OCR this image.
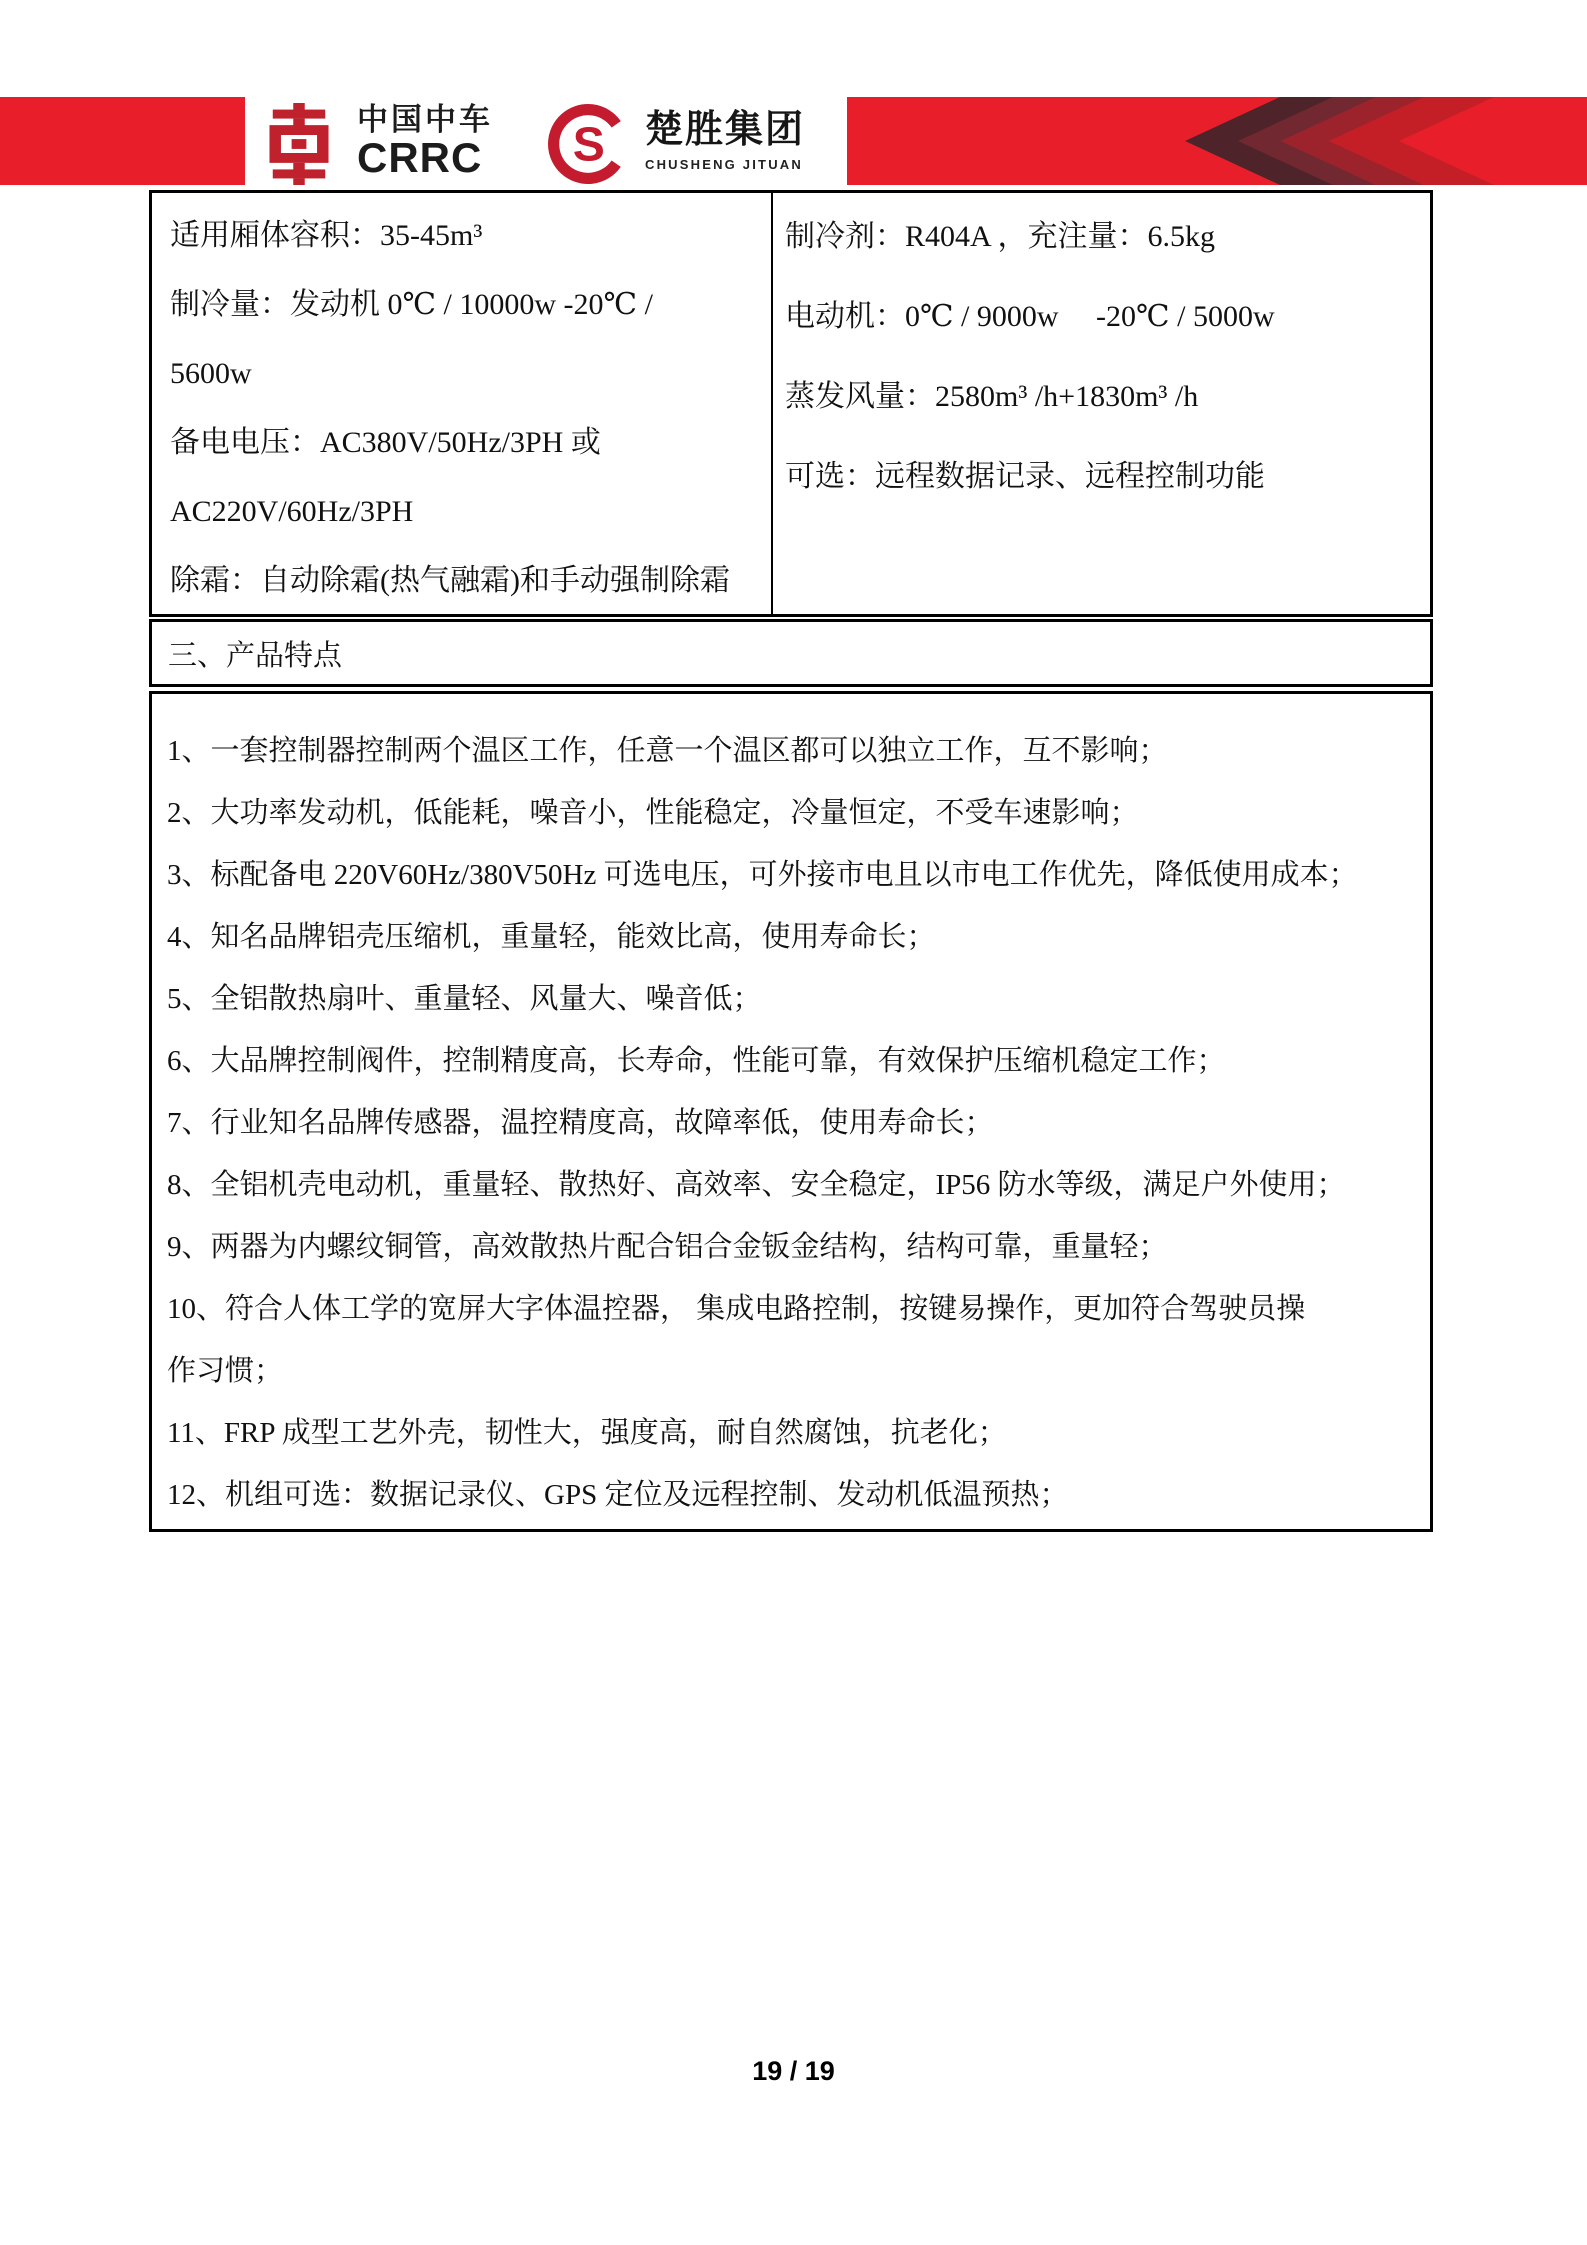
中国中车
CRRC S 楚胜集团
CHUSHENG JITUAN
适用厢体容积：35-45m³
制冷量：发动机 0℃ / 10000w -20℃ /
5600w
备电电压：AC380V/50Hz/3PH 或
AC220V/60Hz/3PH
除霜：自动除霜(热气融霜)和手动强制除霜
制冷剂：R404A ，充注量：6.5kg
电动机：0℃ / 9000w　 -20℃ / 5000w
蒸发风量：2580m³ /h+1830m³ /h
可选：远程数据记录、远程控制功能
三、产品特点
1、一套控制器控制两个温区工作，任意一个温区都可以独立工作，互不影响；
2、大功率发动机，低能耗，噪音小，性能稳定，冷量恒定，不受车速影响；
3、标配备电 220V60Hz/380V50Hz 可选电压，可外接市电且以市电工作优先，降低使用成本；
4、知名品牌铝壳压缩机，重量轻，能效比高，使用寿命长；
5、全铝散热扇叶、重量轻、风量大、噪音低；
6、大品牌控制阀件，控制精度高，长寿命，性能可靠，有效保护压缩机稳定工作；
7、行业知名品牌传感器，温控精度高，故障率低，使用寿命长；
8、全铝机壳电动机，重量轻、散热好、高效率、安全稳定，IP56 防水等级，满足户外使用；
9、两器为内螺纹铜管，高效散热片配合铝合金钣金结构，结构可靠，重量轻；
10、符合人体工学的宽屏大字体温控器， 集成电路控制，按键易操作，更加符合驾驶员操
作习惯；
11、FRP 成型工艺外壳，韧性大，强度高，耐自然腐蚀，抗老化；
12、机组可选：数据记录仪、GPS 定位及远程控制、发动机低温预热；
19 / 19
